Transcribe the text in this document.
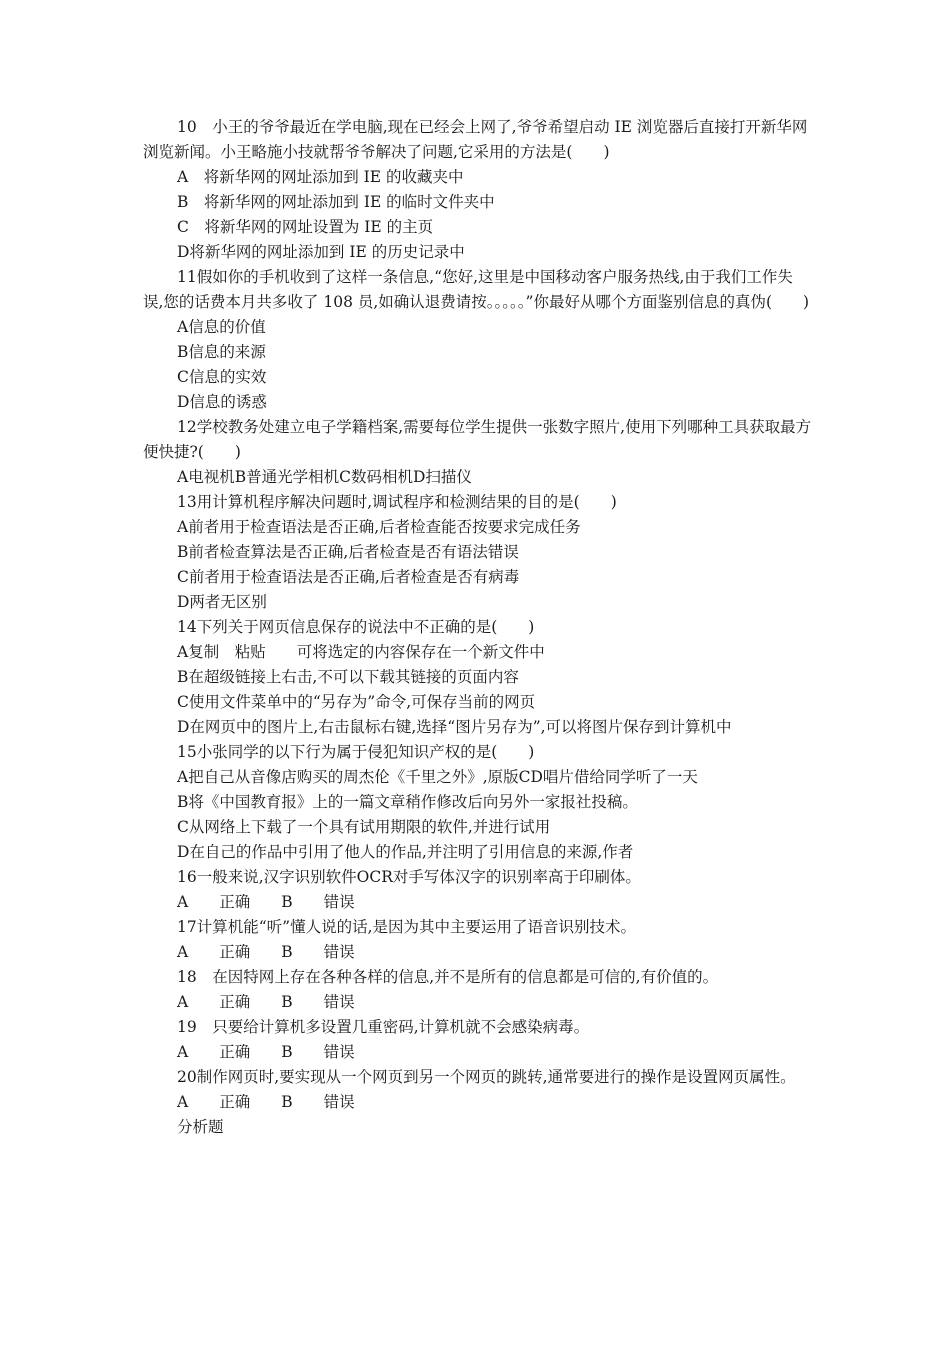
10　小王的爷爷最近在学电脑,现在已经会上网了,爷爷希望启动 IE 浏览器后直接打开新华网浏览新闻。小王略施小技就帮爷爷解决了问题,它采用的方法是(　　)

A　将新华网的网址添加到 IE 的收藏夹中

B　将新华网的网址添加到 IE 的临时文件夹中

C　将新华网的网址设置为 IE 的主页

D将新华网的网址添加到 IE 的历史记录中

11假如你的手机收到了这样一条信息,“您好,这里是中国移动客户服务热线,由于我们工作失误,您的话费本月共多收了 108 员,如确认退费请按。。。。。”你最好从哪个方面鉴别信息的真伪(　　)

A信息的价值

B信息的来源

C信息的实效

D信息的诱惑

12学校教务处建立电子学籍档案,需要每位学生提供一张数字照片,使用下列哪种工具获取最方便快捷?(　　)

A电视机B普通光学相机C数码相机D扫描仪

13用计算机程序解决问题时,调试程序和检测结果的目的是(　　)

A前者用于检查语法是否正确,后者检查能否按要求完成任务

B前者检查算法是否正确,后者检查是否有语法错误

C前者用于检查语法是否正确,后者检查是否有病毒

D两者无区别

14下列关于网页信息保存的说法中不正确的是(　　)

A复制　粘贴　　可将选定的内容保存在一个新文件中

B在超级链接上右击,不可以下载其链接的页面内容

C使用文件菜单中的“另存为”命令,可保存当前的网页

D在网页中的图片上,右击鼠标右键,选择“图片另存为”,可以将图片保存到计算机中

15小张同学的以下行为属于侵犯知识产权的是(　　)

A把自己从音像店购买的周杰伦《千里之外》,原版CD唱片借给同学听了一天

B将《中国教育报》上的一篇文章稍作修改后向另外一家报社投稿。

C从网络上下载了一个具有试用期限的软件,并进行试用

D在自己的作品中引用了他人的作品,并注明了引用信息的来源,作者

16一般来说,汉字识别软件OCR对手写体汉字的识别率高于印刷体。

A　　正确　　B　　错误

17计算机能“听”懂人说的话,是因为其中主要运用了语音识别技术。

A　　正确　　B　　错误

18　在因特网上存在各种各样的信息,并不是所有的信息都是可信的,有价值的。

A　　正确　　B　　错误

19　只要给计算机多设置几重密码,计算机就不会感染病毒。

A　　正确　　B　　错误

20制作网页时,要实现从一个网页到另一个网页的跳转,通常要进行的操作是设置网页属性。

A　　正确　　B　　错误

分析题
